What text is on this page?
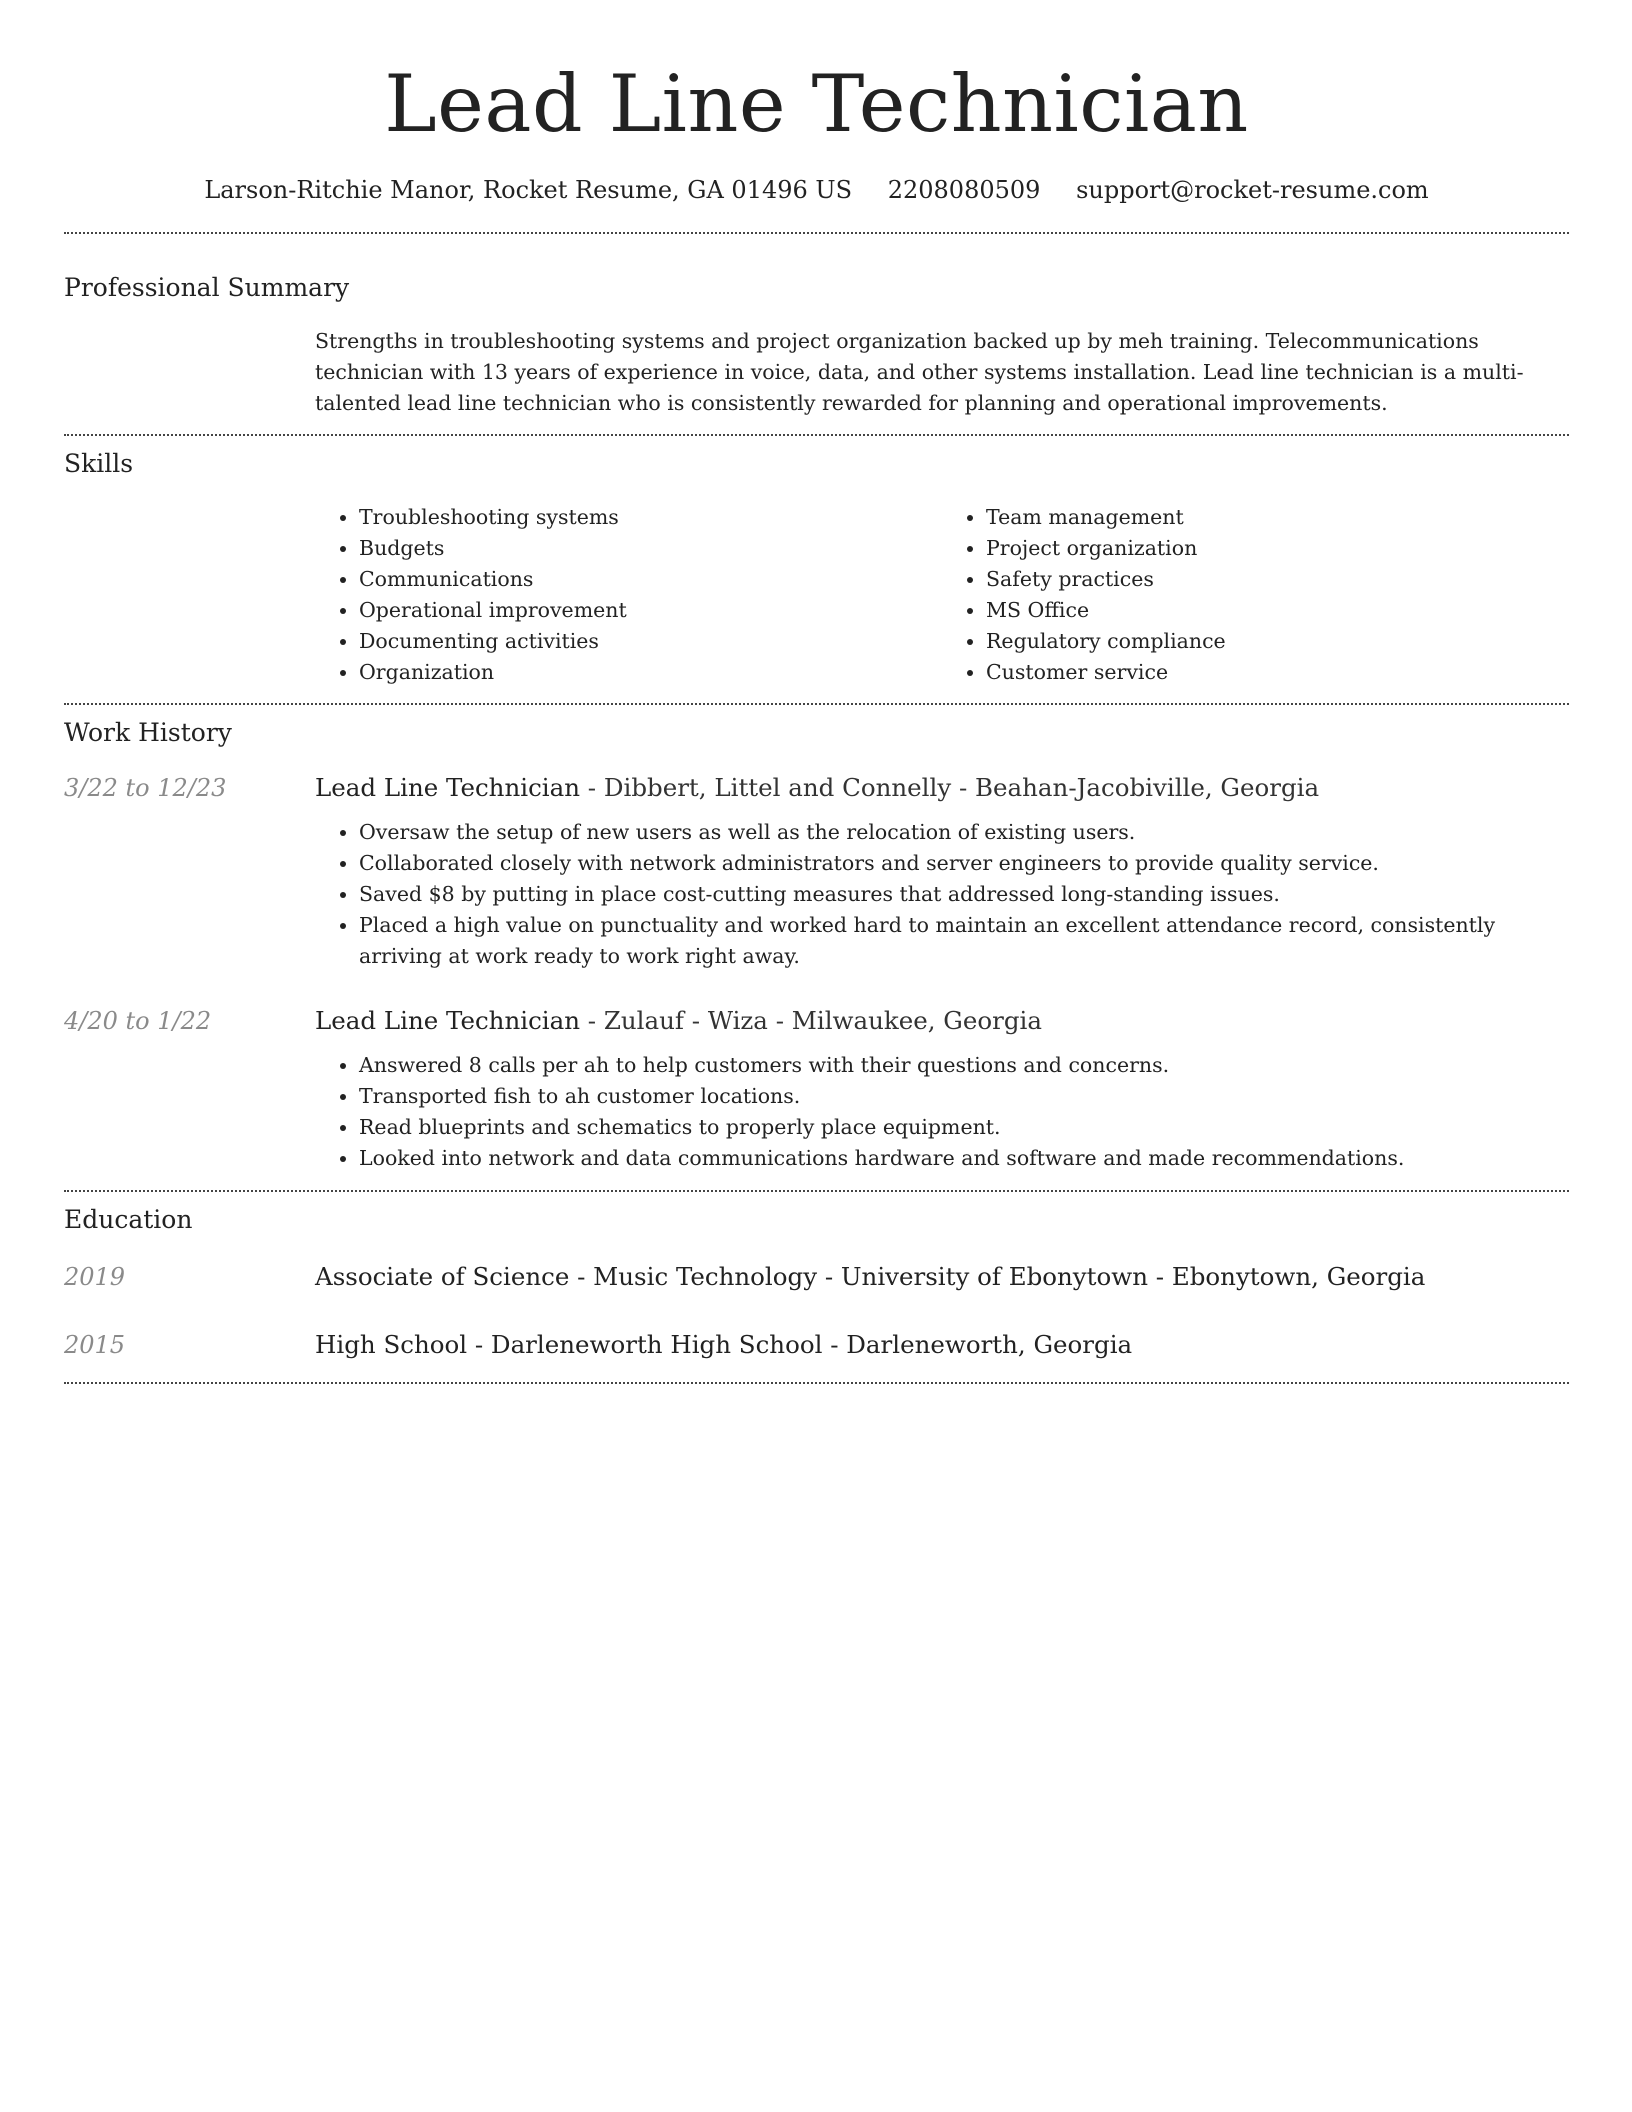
Lead Line Technician
Larson-Ritchie Manor, Rocket Resume, GA 01496 US 2208080509 support@rocket-resume.com
Professional Summary
Strengths in troubleshooting systems and project organization backed up by meh training. Telecommunications technician with 13 years of experience in voice, data, and other systems installation. Lead line technician is a multi-talented lead line technician who is consistently rewarded for planning and operational improvements.
Skills
• Troubleshooting systems
• Budgets
• Communications
• Operational improvement
• Documenting activities
• Organization
• Team management
• Project organization
• Safety practices
• MS Office
• Regulatory compliance
• Customer service
Work History
3/22 to 12/23	Lead Line Technician - Dibbert, Littel and Connelly - Beahan-Jacobiville, Georgia
• Oversaw the setup of new users as well as the relocation of existing users.
• Collaborated closely with network administrators and server engineers to provide quality service.
• Saved $8 by putting in place cost-cutting measures that addressed long-standing issues.
• Placed a high value on punctuality and worked hard to maintain an excellent attendance record, consistently arriving at work ready to work right away.
4/20 to 1/22	Lead Line Technician - Zulauf - Wiza - Milwaukee, Georgia
• Answered 8 calls per ah to help customers with their questions and concerns.
• Transported fish to ah customer locations.
• Read blueprints and schematics to properly place equipment.
• Looked into network and data communications hardware and software and made recommendations.
Education
2019	Associate of Science - Music Technology - University of Ebonytown - Ebonytown, Georgia
2015	High School - Darleneworth High School - Darleneworth, Georgia
